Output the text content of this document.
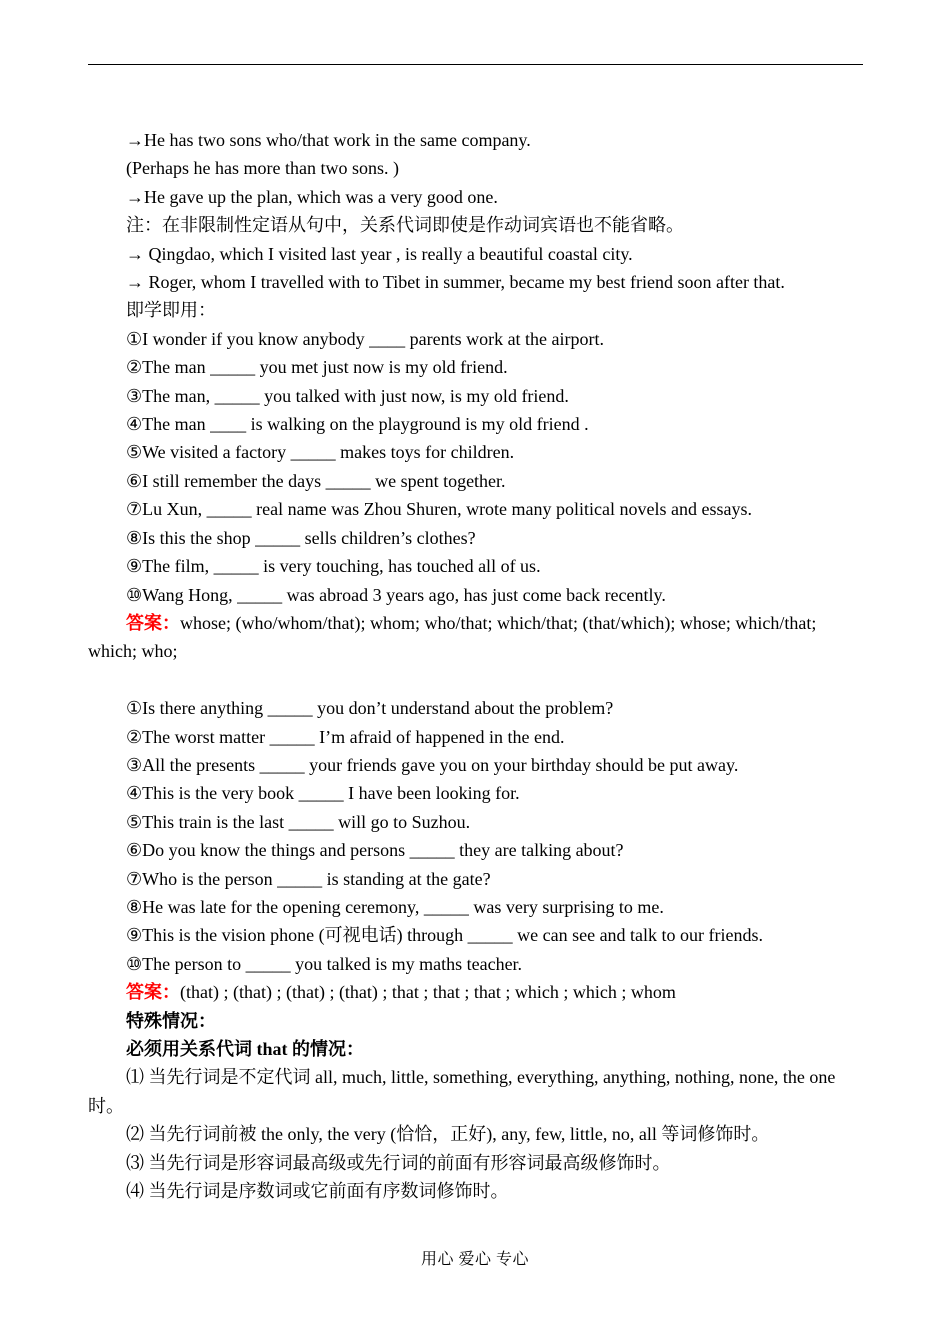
→He has two sons who/that work in the same company.
(Perhaps he has more than two sons. )
→He gave up the plan, which was a very good one.
注：在非限制性定语从句中，关系代词即使是作动词宾语也不能省略。
→ Qingdao, which I visited last year , is really a beautiful coastal city.
→ Roger, whom I travelled with to Tibet in summer, became my best friend soon after that.
即学即用：
①I wonder if you know anybody ____ parents work at the airport.
②The man _____ you met just now is my old friend.
③The man, _____ you talked with just now, is my old friend.
④The man ____ is walking on the playground is my old friend .
⑤We visited a factory _____ makes toys for children.
⑥I still remember the days _____ we spent together.
⑦Lu Xun, _____ real name was Zhou Shuren, wrote many political novels and essays.
⑧Is this the shop _____ sells children’s clothes?
⑨The film, _____ is very touching, has touched all of us.
⑩Wang Hong, _____ was abroad 3 years ago, has just come back recently.
答案：whose; (who/whom/that); whom; who/that; which/that; (that/which); whose; which/that; which; who;
①Is there anything _____ you don’t understand about the problem?
②The worst matter _____ I’m afraid of happened in the end.
③All the presents _____ your friends gave you on your birthday should be put away.
④This is the very book _____ I have been looking for.
⑤This train is the last _____ will go to Suzhou.
⑥Do you know the things and persons _____ they are talking about?
⑦Who is the person _____ is standing at the gate?
⑧He was late for the opening ceremony, _____ was very surprising to me.
⑨This is the vision phone (可视电话) through _____ we can see and talk to our friends.
⑩The person to _____ you talked is my maths teacher.
答案：(that) ; (that) ; (that) ; (that) ; that ; that ; that ; which ; which ; whom
特殊情况：
必须用关系代词 that 的情况：
⑴ 当先行词是不定代词 all, much, little, something, everything, anything, nothing, none, the one 时。
⑵ 当先行词前被 the only, the very (恰恰，正好), any, few, little, no, all 等词修饰时。
⑶ 当先行词是形容词最高级或先行词的前面有形容词最高级修饰时。
⑷ 当先行词是序数词或它前面有序数词修饰时。
用心 爱心 专心
